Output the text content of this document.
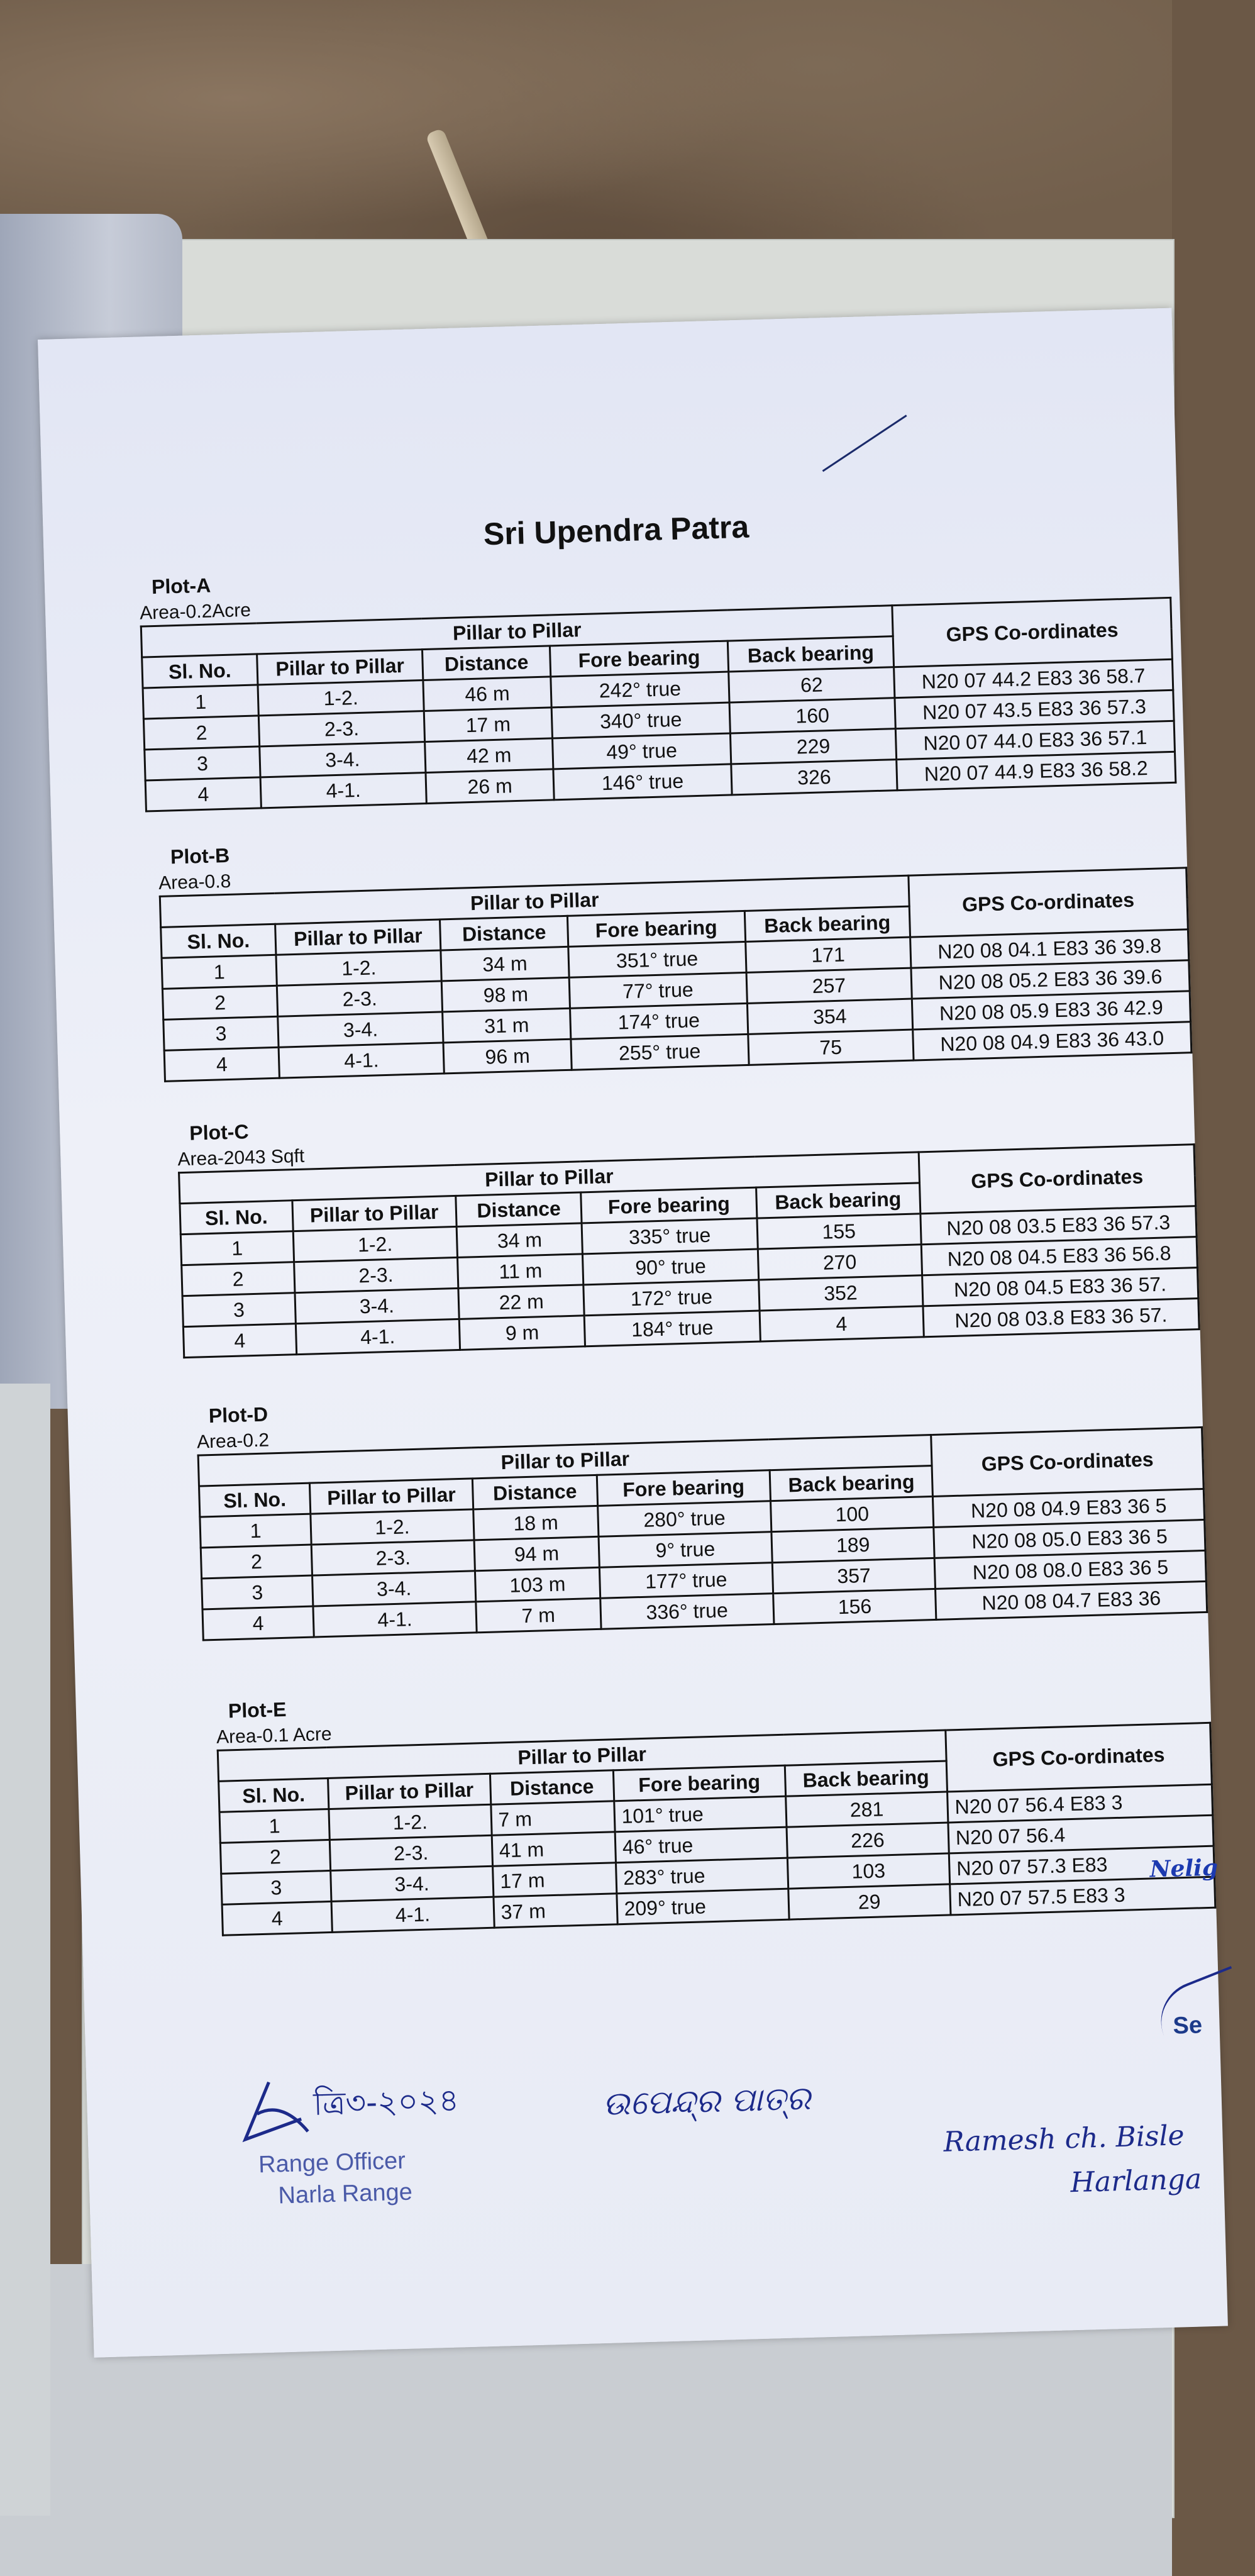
Sri Upendra Patra
Plot-A
Area-0.2Acre
Pillar to Pillar					GPS Co-ordinates
Sl. No.	Pillar to Pillar	Distance	Fore bearing	Back bearing	
1	1-2.	46 m	242° true	62	N20 07 44.2 E83 36 58.7
2	2-3.	17 m	340° true	160	N20 07 43.5 E83 36 57.3
3	3-4.	42 m	49° true	229	N20 07 44.0 E83 36 57.1
4	4-1.	26 m	146° true	326	N20 07 44.9 E83 36 58.2
Plot-B
Area-0.8
Pillar to Pillar					GPS Co-ordinates
Sl. No.	Pillar to Pillar	Distance	Fore bearing	Back bearing	
1	1-2.	34 m	351° true	171	N20 08 04.1 E83 36 39.8
2	2-3.	98 m	77° true	257	N20 08 05.2 E83 36 39.6
3	3-4.	31 m	174° true	354	N20 08 05.9 E83 36 42.9
4	4-1.	96 m	255° true	75	N20 08 04.9 E83 36 43.0
Plot-C
Area-2043 Sqft
Pillar to Pillar					GPS Co-ordinates
Sl. No.	Pillar to Pillar	Distance	Fore bearing	Back bearing	
1	1-2.	34 m	335° true	155	N20 08 03.5 E83 36 57.3
2	2-3.	11 m	90° true	270	N20 08 04.5 E83 36 56.8
3	3-4.	22 m	172° true	352	N20 08 04.5 E83 36 57.
4	4-1.	9 m	184° true	4	N20 08 03.8 E83 36 57.
Plot-D
Area-0.2
Pillar to Pillar					GPS Co-ordinates
Sl. No.	Pillar to Pillar	Distance	Fore bearing	Back bearing	
1	1-2.	18 m	280° true	100	N20 08 04.9 E83 36 5
2	2-3.	94 m	9° true	189	N20 08 05.0 E83 36 5
3	3-4.	103 m	177° true	357	N20 08 08.0 E83 36 5
4	4-1.	7 m	336° true	156	N20 08 04.7 E83 36
Plot-E
Area-0.1 Acre
Pillar to Pillar					GPS Co-ordinates
Sl. No.	Pillar to Pillar	Distance	Fore bearing	Back bearing	
1	1-2.	7 m	101° true	281	N20 07 56.4 E83 3
2	2-3.	41 m	46° true	226	N20 07 56.4
3	3-4.	17 m	283° true	103	N20 07 57.3 E83
4	4-1.	37 m	209° true	29	N20 07 57.5 E83 3
ত্রি৩-২০২৪
Range Officer
Narla Range
ଉପେନ୍ଦ୍ର ପାତ୍ର
Ramesh ch. Bisle
Harlanga
Se
Nelig
